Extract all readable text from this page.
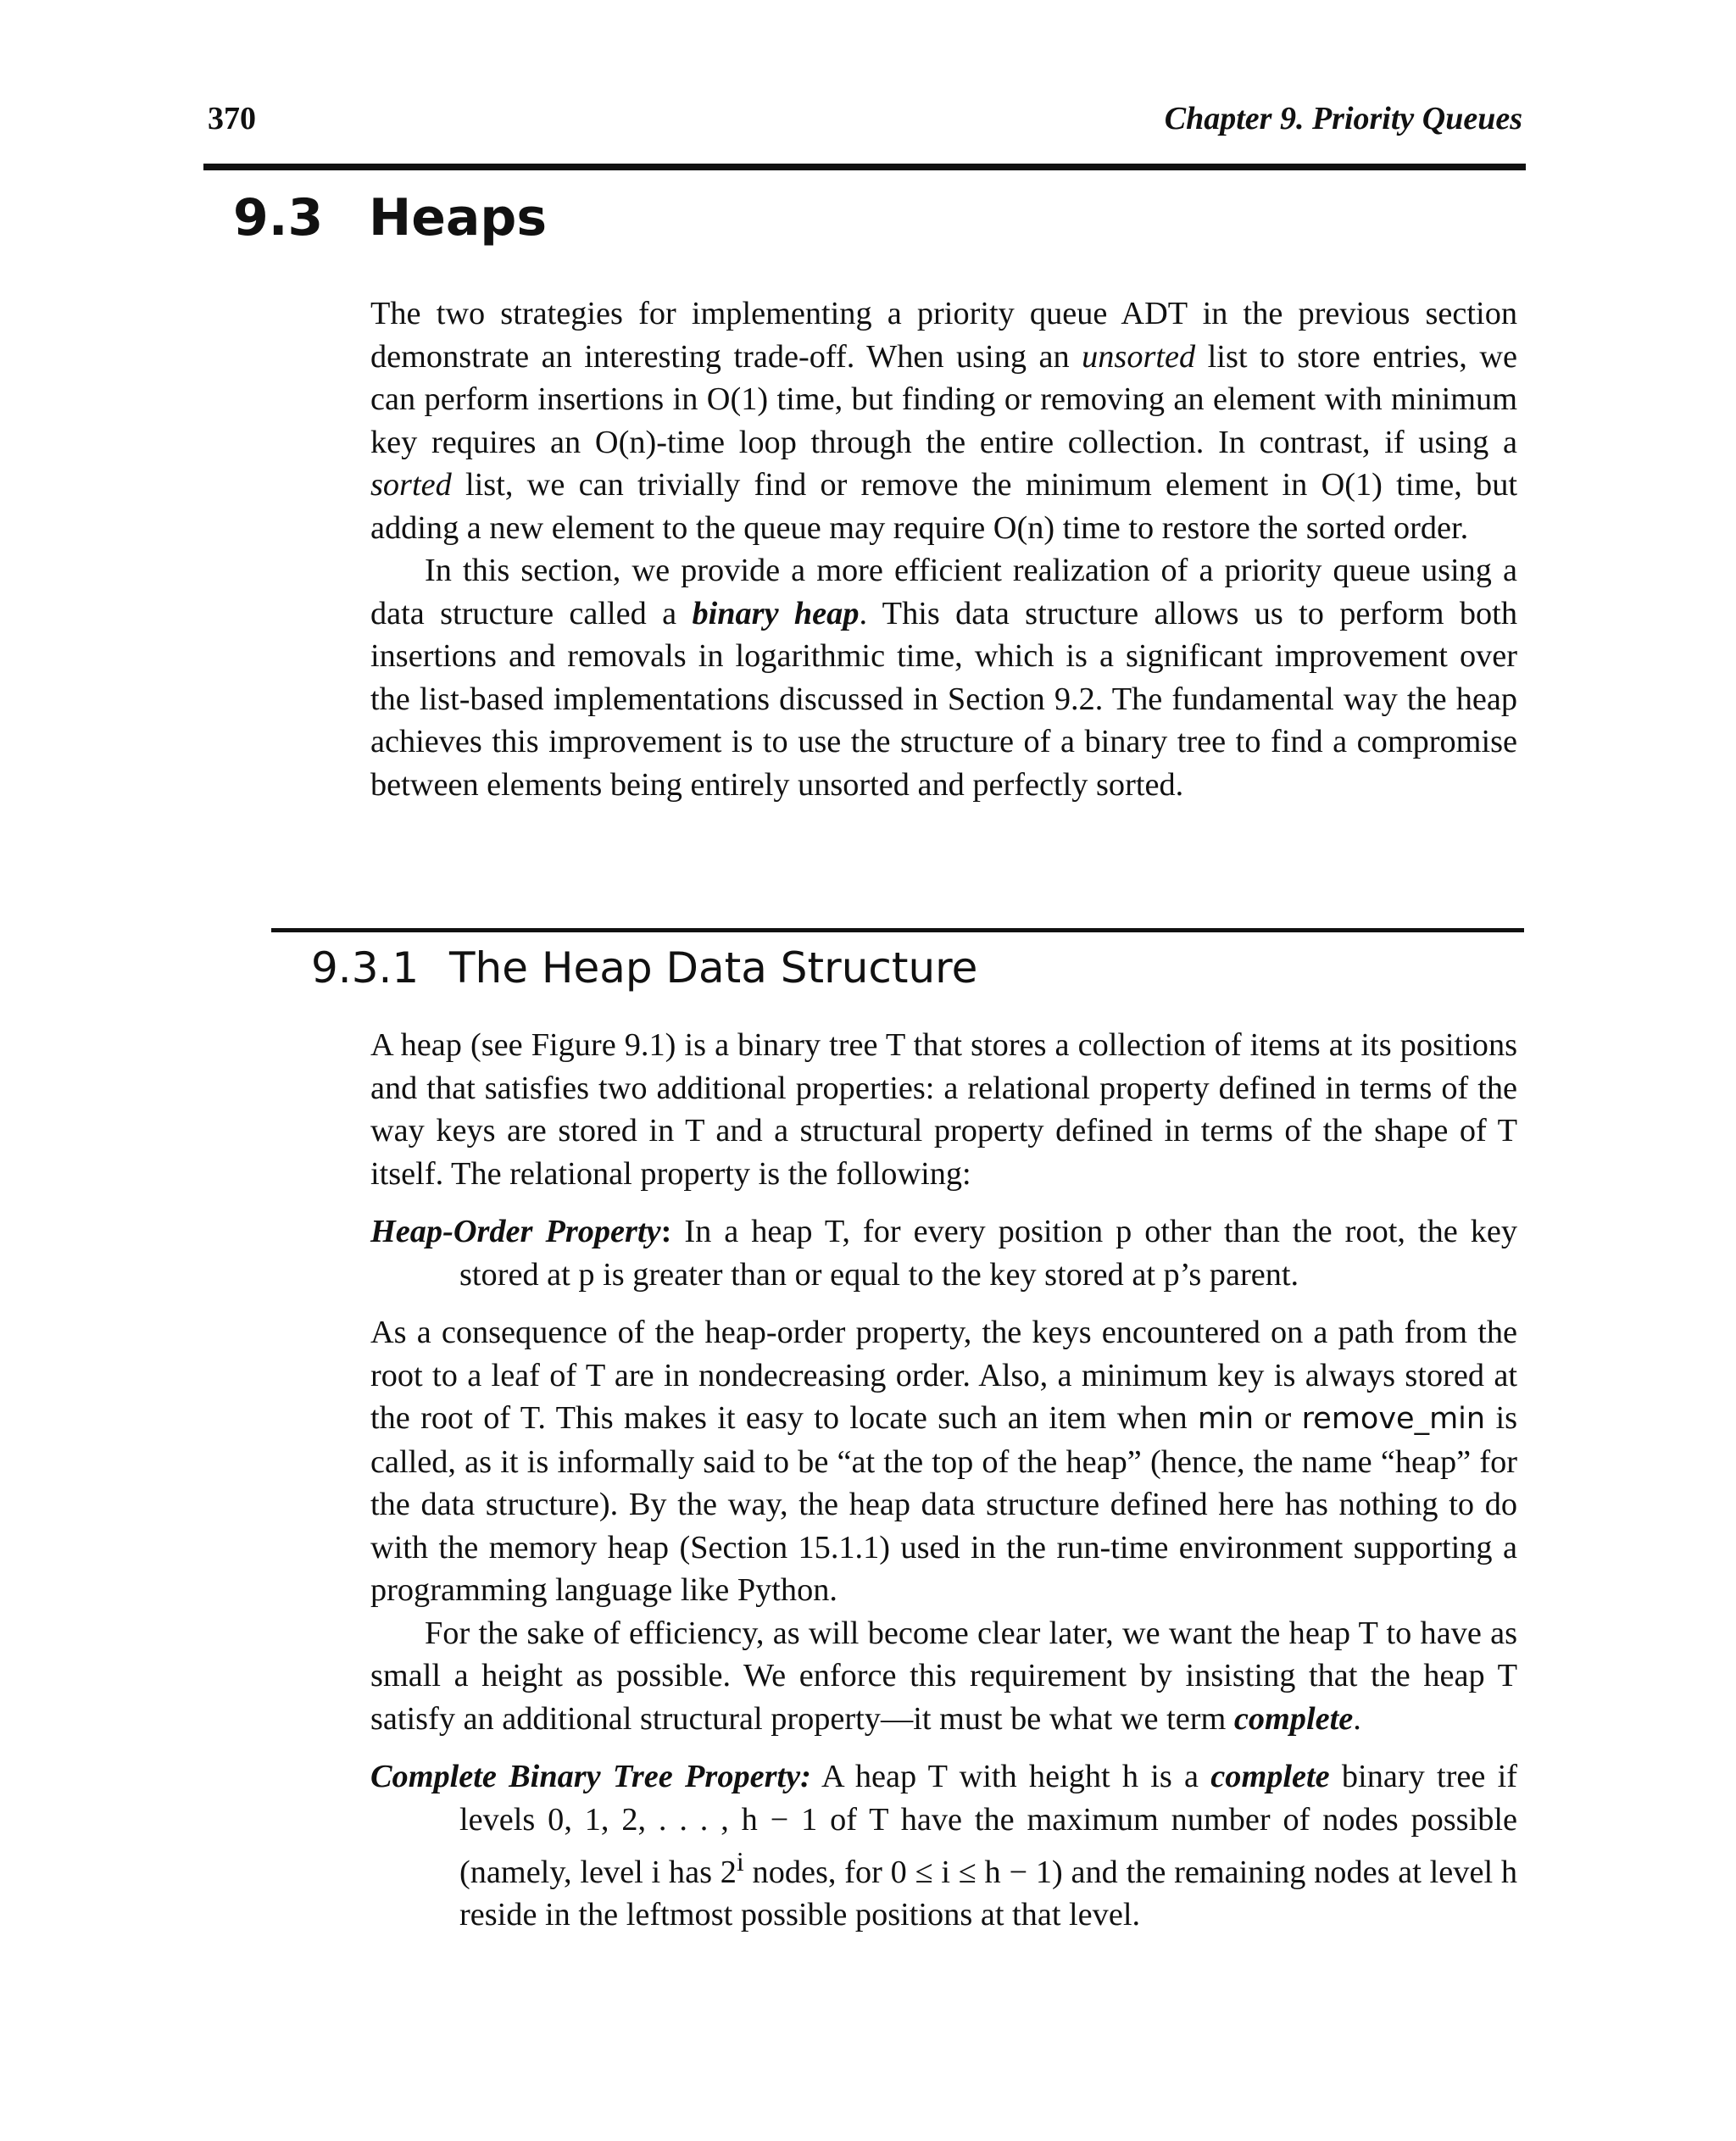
370	Chapter 9. Priority Queues
9.3 Heaps

The two strategies for implementing a priority queue ADT in the previous section demonstrate an interesting trade-off. When using an unsorted list to store entries, we can perform insertions in O(1) time, but finding or removing an element with minimum key requires an O(n)-time loop through the entire collection. In contrast, if using a sorted list, we can trivially find or remove the minimum element in O(1) time, but adding a new element to the queue may require O(n) time to restore the sorted order.

In this section, we provide a more efficient realization of a priority queue using a data structure called a binary heap. This data structure allows us to perform both insertions and removals in logarithmic time, which is a significant improvement over the list-based implementations discussed in Section 9.2. The fundamental way the heap achieves this improvement is to use the structure of a binary tree to find a compromise between elements being entirely unsorted and perfectly sorted.

9.3.1 The Heap Data Structure

A heap (see Figure 9.1) is a binary tree T that stores a collection of items at its positions and that satisfies two additional properties: a relational property defined in terms of the way keys are stored in T and a structural property defined in terms of the shape of T itself. The relational property is the following:

Heap-Order Property: In a heap T, for every position p other than the root, the key stored at p is greater than or equal to the key stored at p’s parent.

As a consequence of the heap-order property, the keys encountered on a path from the root to a leaf of T are in nondecreasing order. Also, a minimum key is always stored at the root of T. This makes it easy to locate such an item when min or remove_min is called, as it is informally said to be “at the top of the heap” (hence, the name “heap” for the data structure). By the way, the heap data structure defined here has nothing to do with the memory heap (Section 15.1.1) used in the run-time environment supporting a programming language like Python.

For the sake of efficiency, as will become clear later, we want the heap T to have as small a height as possible. We enforce this requirement by insisting that the heap T satisfy an additional structural property—it must be what we term complete.

Complete Binary Tree Property: A heap T with height h is a complete binary tree if levels 0, 1, 2, . . . , h − 1 of T have the maximum number of nodes possible (namely, level i has 2$^i$ nodes, for 0 ≤ i ≤ h − 1) and the remaining nodes at level h reside in the leftmost possible positions at that level.
